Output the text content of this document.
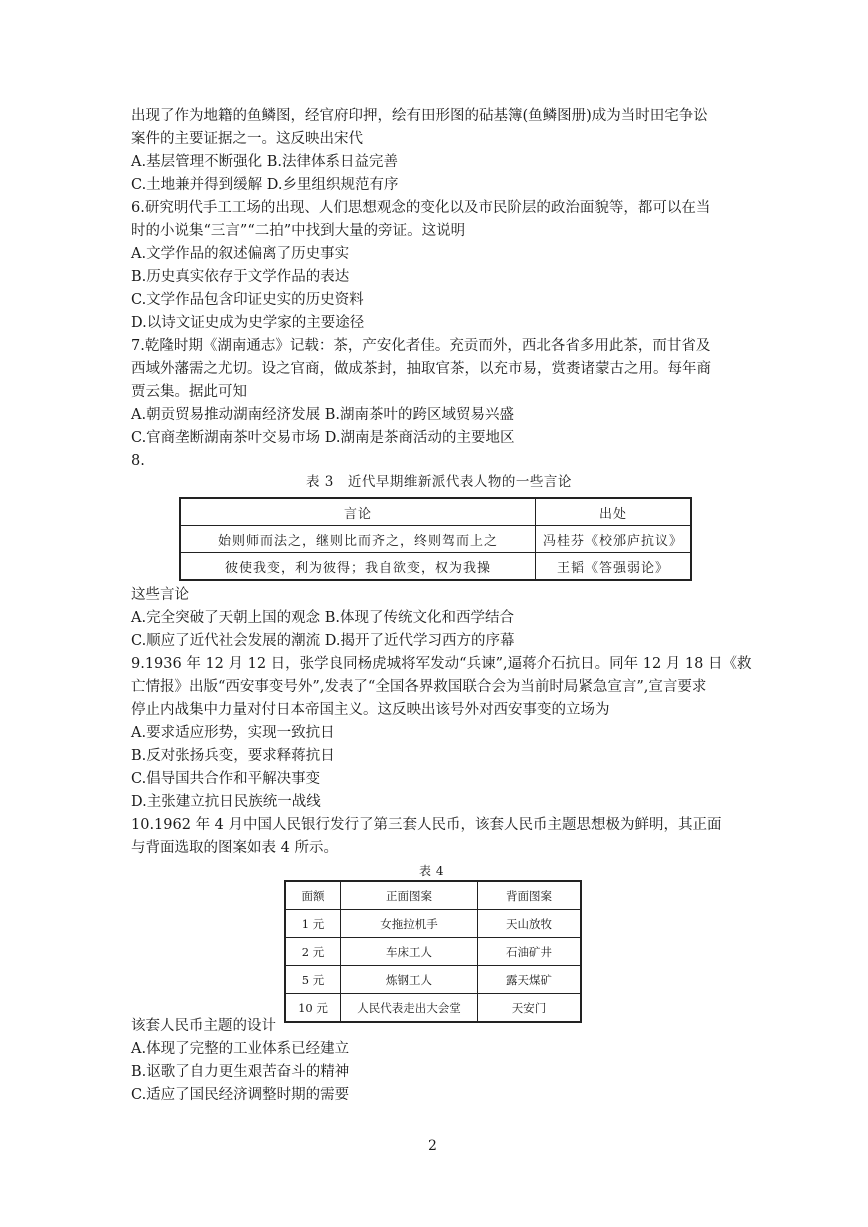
出现了作为地籍的鱼鳞图，经官府印押，绘有田形图的砧基簿(鱼鳞图册)成为当时田宅争讼
案件的主要证据之一。这反映出宋代
A.基层管理不断强化 B.法律体系日益完善
C.土地兼并得到缓解 D.乡里组织规范有序
6.研究明代手工工场的出现、人们思想观念的变化以及市民阶层的政治面貌等，都可以在当
时的小说集“三言”“二拍”中找到大量的旁证。这说明
A.文学作品的叙述偏离了历史事实
B.历史真实依存于文学作品的表达
C.文学作品包含印证史实的历史资料
D.以诗文证史成为史学家的主要途径
7.乾隆时期《湖南通志》记载：茶，产安化者佳。充贡而外，西北各省多用此茶，而甘省及
西域外藩需之尤切。设之官商，做成茶封，抽取官茶，以充市易，赏赉诸蒙古之用。每年商
贾云集。据此可知
A.朝贡贸易推动湖南经济发展 B.湖南茶叶的跨区域贸易兴盛
C.官商垄断湖南茶叶交易市场 D.湖南是茶商活动的主要地区
8.
表 3　近代早期维新派代表人物的一些言论
言论	出处
始则师而法之，继则比而齐之，终则驾而上之	冯桂芬《校邠庐抗议》
彼使我变，利为彼得；我自欲变，权为我操	王韬《答强弱论》
这些言论
A.完全突破了天朝上国的观念 B.体现了传统文化和西学结合
C.顺应了近代社会发展的潮流 D.揭开了近代学习西方的序幕
9.1936 年 12 月 12 日，张学良同杨虎城将军发动“兵谏”,逼蒋介石抗日。同年 12 月 18 日《救
亡情报》出版“西安事变号外”,发表了“全国各界救国联合会为当前时局紧急宣言”,宣言要求
停止内战集中力量对付日本帝国主义。这反映出该号外对西安事变的立场为
A.要求适应形势，实现一致抗日
B.反对张扬兵变，要求释蒋抗日
C.倡导国共合作和平解决事变
D.主张建立抗日民族统一战线
10.1962 年 4 月中国人民银行发行了第三套人民币，该套人民币主题思想极为鲜明，其正面
与背面选取的图案如表 4 所示。
表 4
面额	正面图案	背面图案
1 元	女拖拉机手	天山放牧
2 元	车床工人	石油矿井
5 元	炼钢工人	露天煤矿
10 元	人民代表走出大会堂	天安门
该套人民币主题的设计
A.体现了完整的工业体系已经建立
B.讴歌了自力更生艰苦奋斗的精神
C.适应了国民经济调整时期的需要
2
